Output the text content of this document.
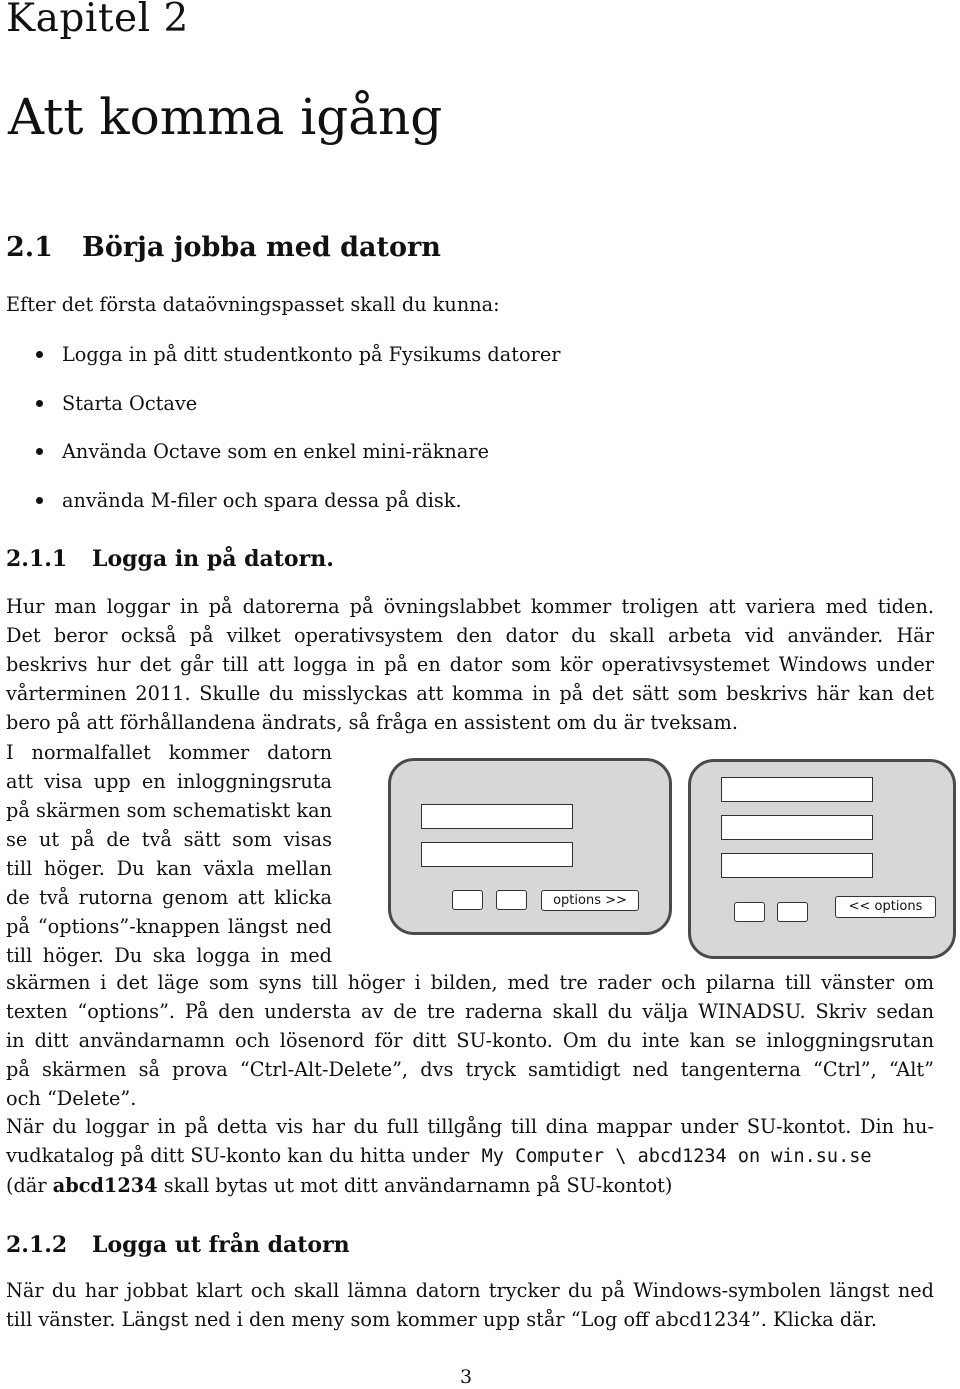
Kapitel 2
Att komma igång
2.1 Börja jobba med datorn
Efter det första dataövningspasset skall du kunna:
Logga in på ditt studentkonto på Fysikums datorer
Starta Octave
Använda Octave som en enkel mini-räknare
använda M-filer och spara dessa på disk.
2.1.1 Logga in på datorn.
Hur man loggar in på datorerna på övningslabbet kommer troligen att variera med tiden.
Det beror också på vilket operativsystem den dator du skall arbeta vid använder. Här
beskrivs hur det går till att logga in på en dator som kör operativsystemet Windows under
vårterminen 2011. Skulle du misslyckas att komma in på det sätt som beskrivs här kan det
bero på att förhållandena ändrats, så fråga en assistent om du är tveksam.
I normalfallet kommer datorn
att visa upp en inloggningsruta
på skärmen som schematiskt kan
se ut på de två sätt som visas
till höger. Du kan växla mellan
de två rutorna genom att klicka
på “options”-knappen längst ned
till höger. Du ska logga in med
options >>	<< options
skärmen i det läge som syns till höger i bilden, med tre rader och pilarna till vänster om
texten “options”. På den understa av de tre raderna skall du välja WINADSU. Skriv sedan
in ditt användarnamn och lösenord för ditt SU-konto. Om du inte kan se inloggningsrutan
på skärmen så prova “Ctrl-Alt-Delete”, dvs tryck samtidigt ned tangenterna “Ctrl”, “Alt”
och “Delete”.
När du loggar in på detta vis har du full tillgång till dina mappar under SU-kontot. Din hu-
vudkatalog på ditt SU-konto kan du hitta under My Computer \ abcd1234 on win.su.se
(där abcd1234 skall bytas ut mot ditt användarnamn på SU-kontot)
2.1.2 Logga ut från datorn
När du har jobbat klart och skall lämna datorn trycker du på Windows-symbolen längst ned
till vänster. Längst ned i den meny som kommer upp står “Log off abcd1234”. Klicka där.
3
